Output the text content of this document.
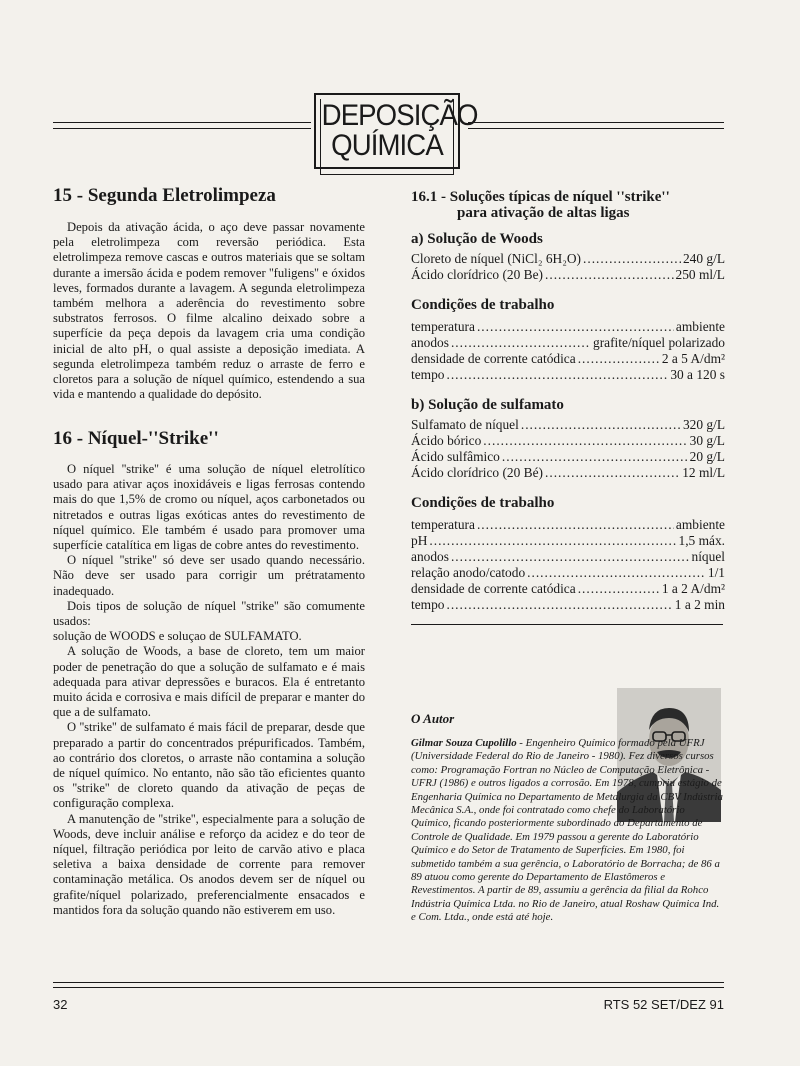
DEPOSIÇÃO
QUÍMICA
15 - Segunda Eletrolimpeza

Depois da ativação ácida, o aço deve passar novamente pela eletrolimpeza com reversão periódica. Esta eletrolimpeza remove cascas e outros materiais que se soltam durante a imersão ácida e podem remover ''fuligens'' e óxidos leves, formados durante a lavagem. A segunda eletrolimpeza também melhora a aderência do revestimento sobre substratos ferrosos. O filme alcalino deixado sobre a superfície da peça depois da lavagem cria uma condição inicial de alto pH, o qual assiste a deposição imediata. A segunda eletrolimpeza também reduz o arraste de ferro e cloretos para a solução de níquel químico, estendendo a sua vida e mantendo a qualidade do depósito.

16 - Níquel-''Strike''

O níquel ''strike'' é uma solução de níquel eletrolítico usado para ativar aços inoxidáveis e ligas ferrosas contendo mais do que 1,5% de cromo ou níquel, aços carbonetados ou nitretados e outras ligas exóticas antes do revestimento de níquel químico. Ele também é usado para promover uma superfície catalítica em ligas de cobre antes do revestimento.

O níquel ''strike'' só deve ser usado quando necessário. Não deve ser usado para corrigir um prétratamento inadequado.

Dois tipos de solução de níquel ''strike'' são comumente usados:

solução de WOODS e soluçao de SULFAMATO.

A solução de Woods, a base de cloreto, tem um maior poder de penetração do que a solução de sulfamato e é mais adequada para ativar depressões e buracos. Ela é entretanto muito ácida e corrosiva e mais difícil de preparar e manter do que a de sulfamato.

O ''strike'' de sulfamato é mais fácil de preparar, desde que preparado a partir do concentrados prépurificados. Também, ao contrário dos cloretos, o arraste não contamina a solução de níquel químico. No entanto, não são tão eficientes quanto os ''strike'' de cloreto quando da ativação de peças de configuração complexa.

A manutenção de ''strike'', especialmente para a solução de Woods, deve incluir análise e reforço da acidez e do teor de níquel, filtração periódica por leito de carvão ativo e placa seletiva a baixa densidade de corrente para remover contaminação metálica. Os anodos devem ser de níquel ou grafite/níquel polarizado, preferencialmente ensacados e mantidos fora da solução quando não estiverem em uso.

16.1 - Soluções típicas de níquel ''strike''
para ativação de altas ligas
a) Solução de Woods
Cloreto de níquel (NiCl₂ 6H₂O) .....	240 g/L
Ácido clorídrico (20 Be) .....	250 ml/L
Condições de trabalho
temperatura .....	ambiente
anodos .....	grafite/níquel polarizado
densidade de corrente catódica .....	2 a 5 A/dm²
tempo .....	30 a 120 s
b) Solução de sulfamato
Sulfamato de níquel .....	320 g/L
Ácido bórico .....	30 g/L
Ácido sulfâmico .....	20 g/L
Ácido clorídrico (20 Bé) .....	12 ml/L
Condições de trabalho
temperatura .....	ambiente
pH .....	1,5 máx.
anodos .....	níquel
relação anodo/catodo .....	1/1
densidade de corrente catódica .....	1 a 2 A/dm²
tempo .....	1 a 2 min
O Autor
Gilmar Souza Cupolillo - Engenheiro Químico formado pela UFRJ (Universidade Federal do Rio de Janeiro - 1980). Fez diversos cursos como: Programação Fortran no Núcleo de Computação Eletrônica - UFRJ (1986) e outros ligados a corrosão. Em 1978, cumpriu estágio de Engenharia Química no Departamento de Metalurgia da CBV Indústria Mecânica S.A., onde foi contratado como chefe do Laboratório Químico, ficando posteriormente subordinado ao Departamento de Controle de Qualidade. Em 1979 passou a gerente do Laboratório Químico e do Setor de Tratamento de Superfícies. Em 1980, foi submetido também a sua gerência, o Laboratório de Borracha; de 86 a 89 atuou como gerente do Departamento de Elastômeros e Revestimentos. A partir de 89, assumiu a gerência da filial da Rohco Indústria Química Ltda. no Rio de Janeiro, atual Roshaw Química Ind. e Com. Ltda., onde está até hoje.
32	RTS 52 SET/DEZ 91
